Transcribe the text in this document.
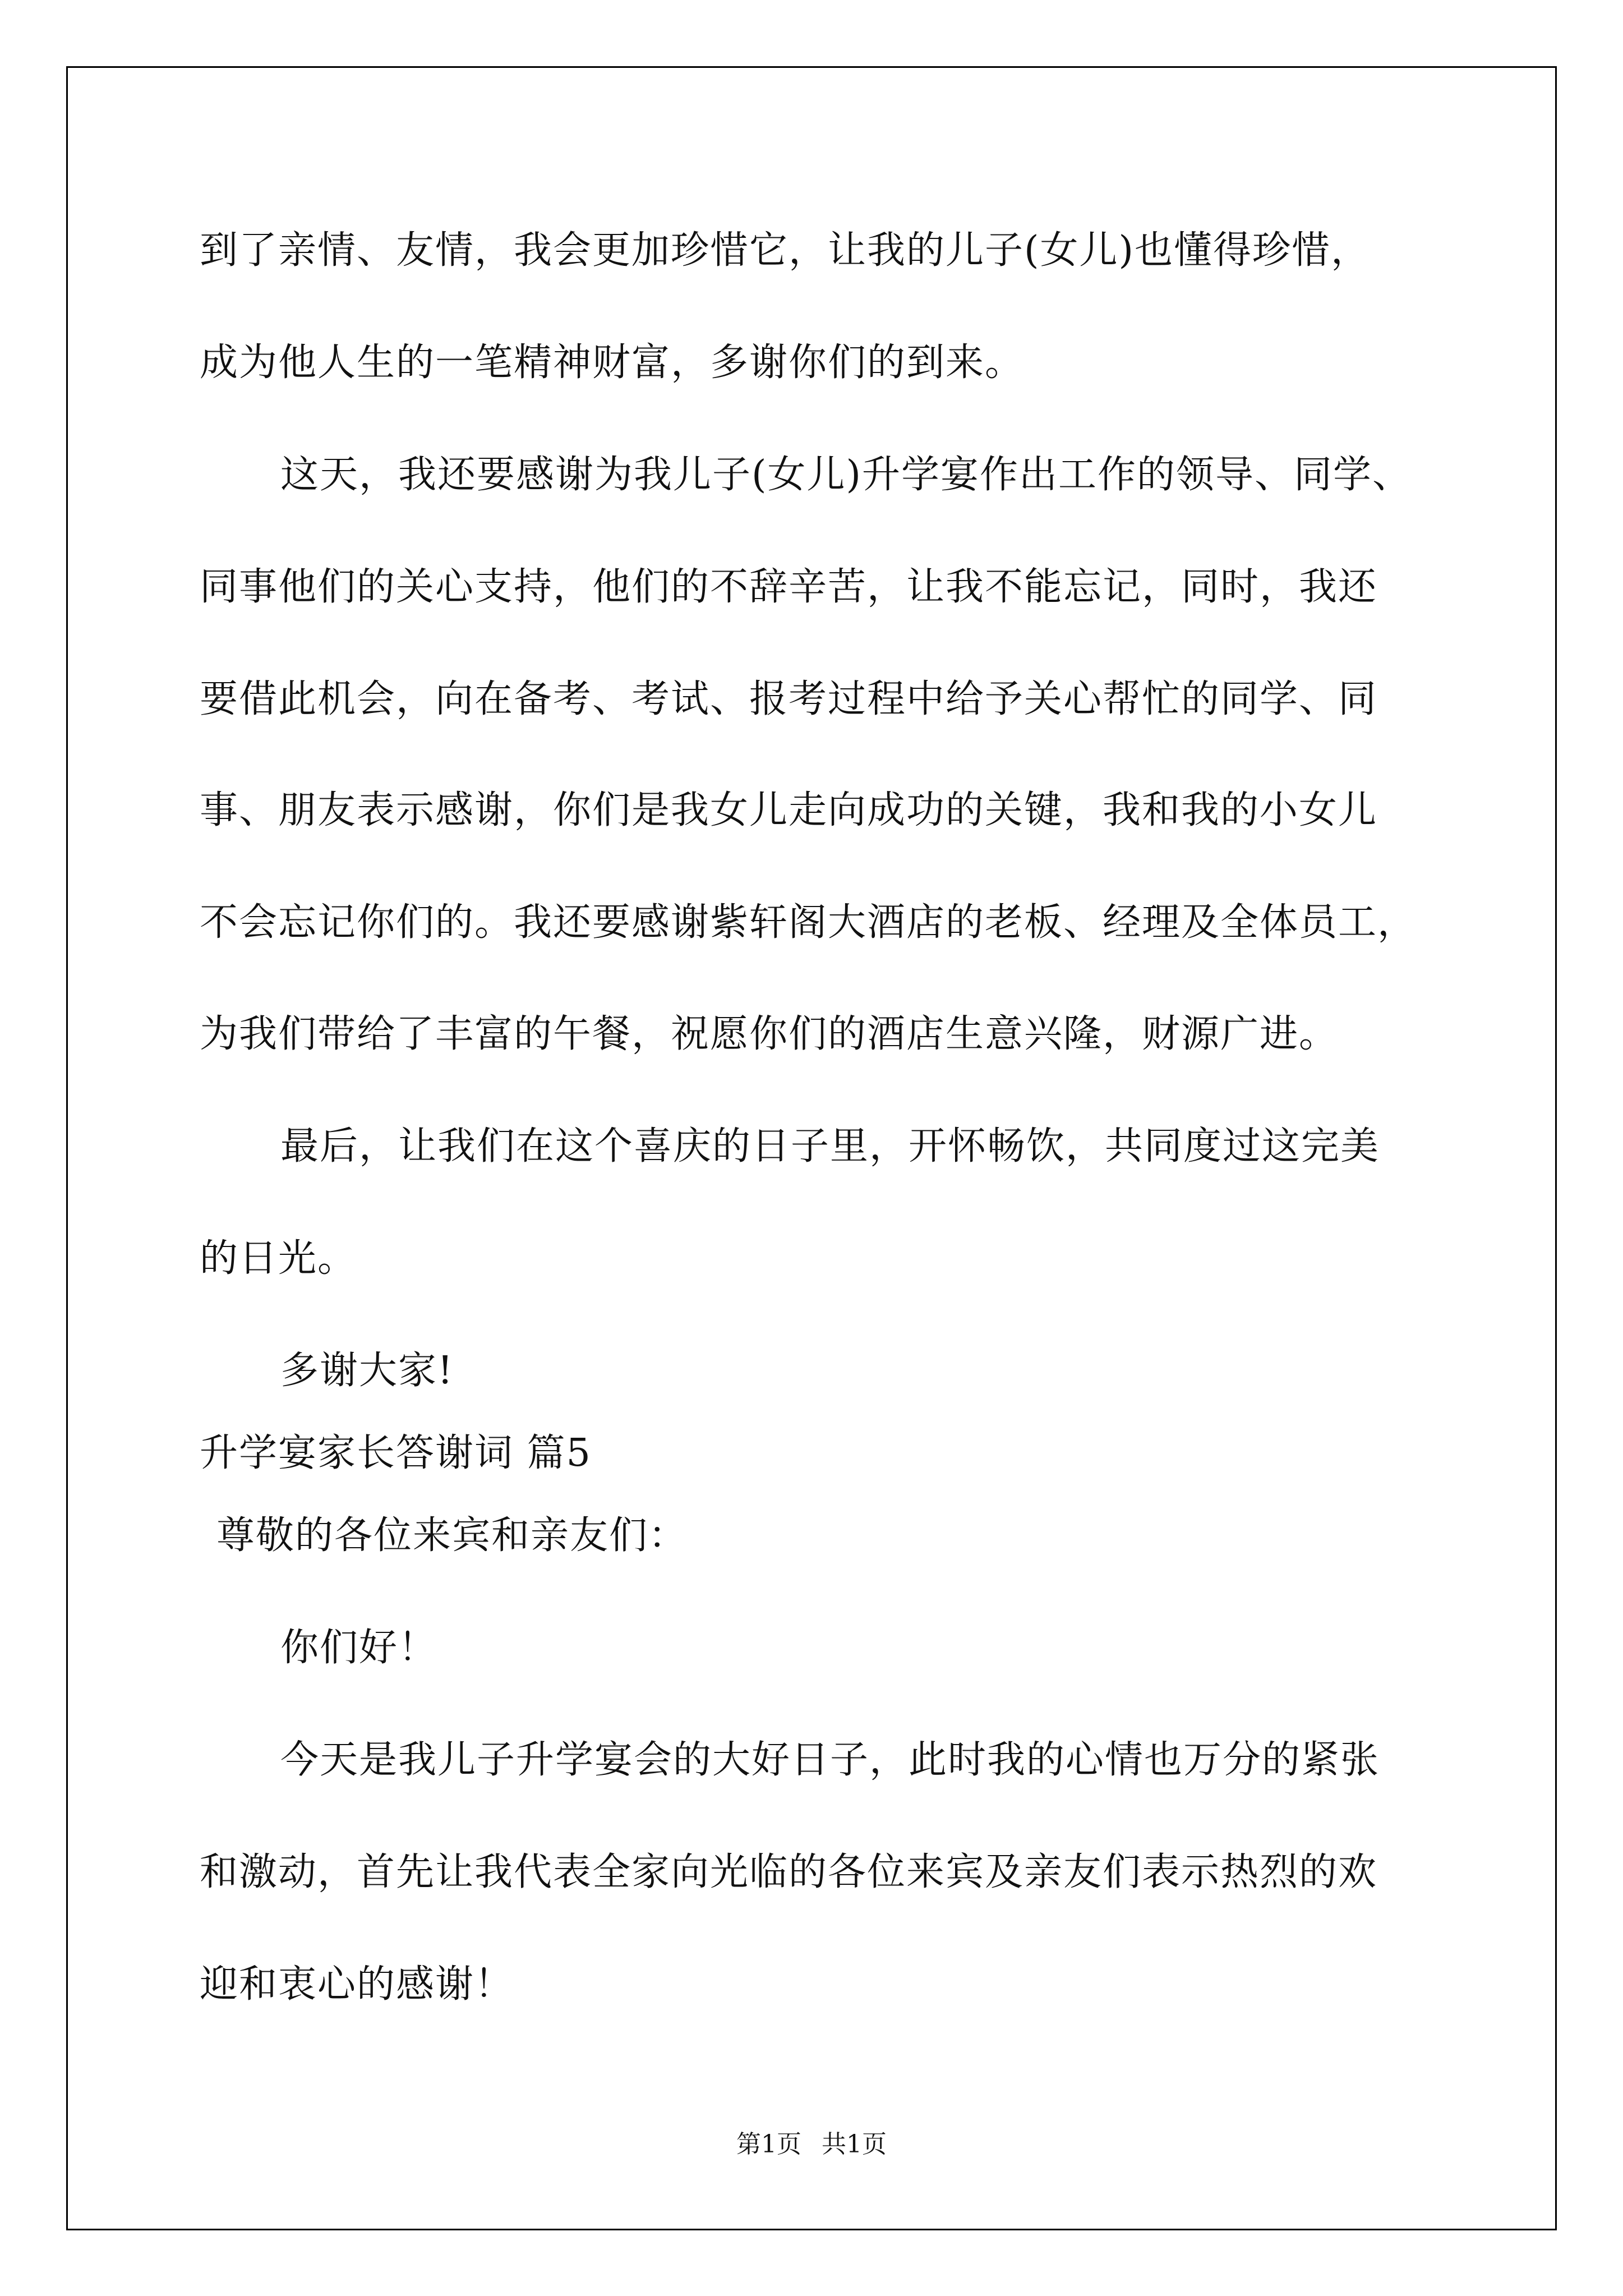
到了亲情、友情，我会更加珍惜它，让我的儿子(女儿)也懂得珍惜，
成为他人生的一笔精神财富，多谢你们的到来。
这天，我还要感谢为我儿子(女儿)升学宴作出工作的领导、同学、
同事他们的关心支持，他们的不辞辛苦，让我不能忘记，同时，我还
要借此机会，向在备考、考试、报考过程中给予关心帮忙的同学、同
事、朋友表示感谢，你们是我女儿走向成功的关键，我和我的小女儿
不会忘记你们的。我还要感谢紫轩阁大酒店的老板、经理及全体员工，
为我们带给了丰富的午餐，祝愿你们的酒店生意兴隆，财源广进。
最后，让我们在这个喜庆的日子里，开怀畅饮，共同度过这完美
的日光。
多谢大家!
升学宴家长答谢词 篇5
尊敬的各位来宾和亲友们：
你们好！
今天是我儿子升学宴会的大好日子，此时我的心情也万分的紧张
和激动，首先让我代表全家向光临的各位来宾及亲友们表示热烈的欢
迎和衷心的感谢！
第1页 共1页
